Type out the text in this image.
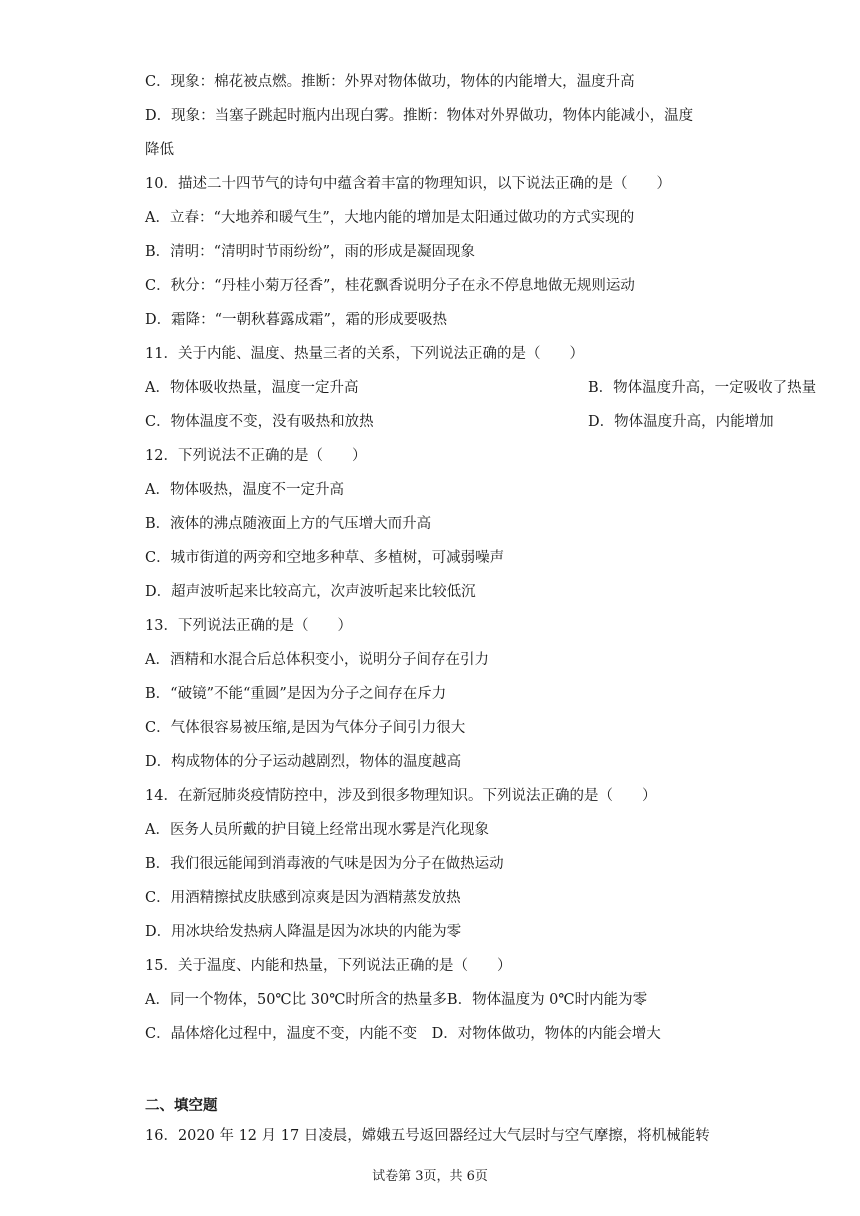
C．现象：棉花被点燃。推断：外界对物体做功，物体的内能增大，温度升高
D．现象：当塞子跳起时瓶内出现白雾。推断：物体对外界做功，物体内能减小，温度
降低
10．描述二十四节气的诗句中蕴含着丰富的物理知识，以下说法正确的是（　　）
A．立春：“大地养和暖气生”，大地内能的增加是太阳通过做功的方式实现的
B．清明：“清明时节雨纷纷”，雨的形成是凝固现象
C．秋分：“丹桂小菊万径香”，桂花飘香说明分子在永不停息地做无规则运动
D．霜降：“一朝秋暮露成霜”，霜的形成要吸热
11．关于内能、温度、热量三者的关系，下列说法正确的是（　　）
A．物体吸收热量，温度一定升高	B．物体温度升高，一定吸收了热量
C．物体温度不变，没有吸热和放热	D．物体温度升高，内能增加
12．下列说法不正确的是（　　）
A．物体吸热，温度不一定升高
B．液体的沸点随液面上方的气压增大而升高
C．城市街道的两旁和空地多种草、多植树，可减弱噪声
D．超声波听起来比较高亢，次声波听起来比较低沉
13．下列说法正确的是（　　）
A．酒精和水混合后总体积变小，说明分子间存在引力
B．“破镜”不能“重圆”是因为分子之间存在斥力
C．气体很容易被压缩,是因为气体分子间引力很大
D．构成物体的分子运动越剧烈，物体的温度越高
14．在新冠肺炎疫情防控中，涉及到很多物理知识。下列说法正确的是（　　）
A．医务人员所戴的护目镜上经常出现水雾是汽化现象
B．我们很远能闻到消毒液的气味是因为分子在做热运动
C．用酒精擦拭皮肤感到凉爽是因为酒精蒸发放热
D．用冰块给发热病人降温是因为冰块的内能为零
15．关于温度、内能和热量，下列说法正确的是（　　）
A．同一个物体，50℃比 30℃时所含的热量多B．物体温度为 0℃时内能为零
C．晶体熔化过程中，温度不变，内能不变　D．对物体做功，物体的内能会增大
二、填空题
16．2020 年 12 月 17 日凌晨，嫦娥五号返回器经过大气层时与空气摩擦，将机械能转
试卷第 3页，共 6页
